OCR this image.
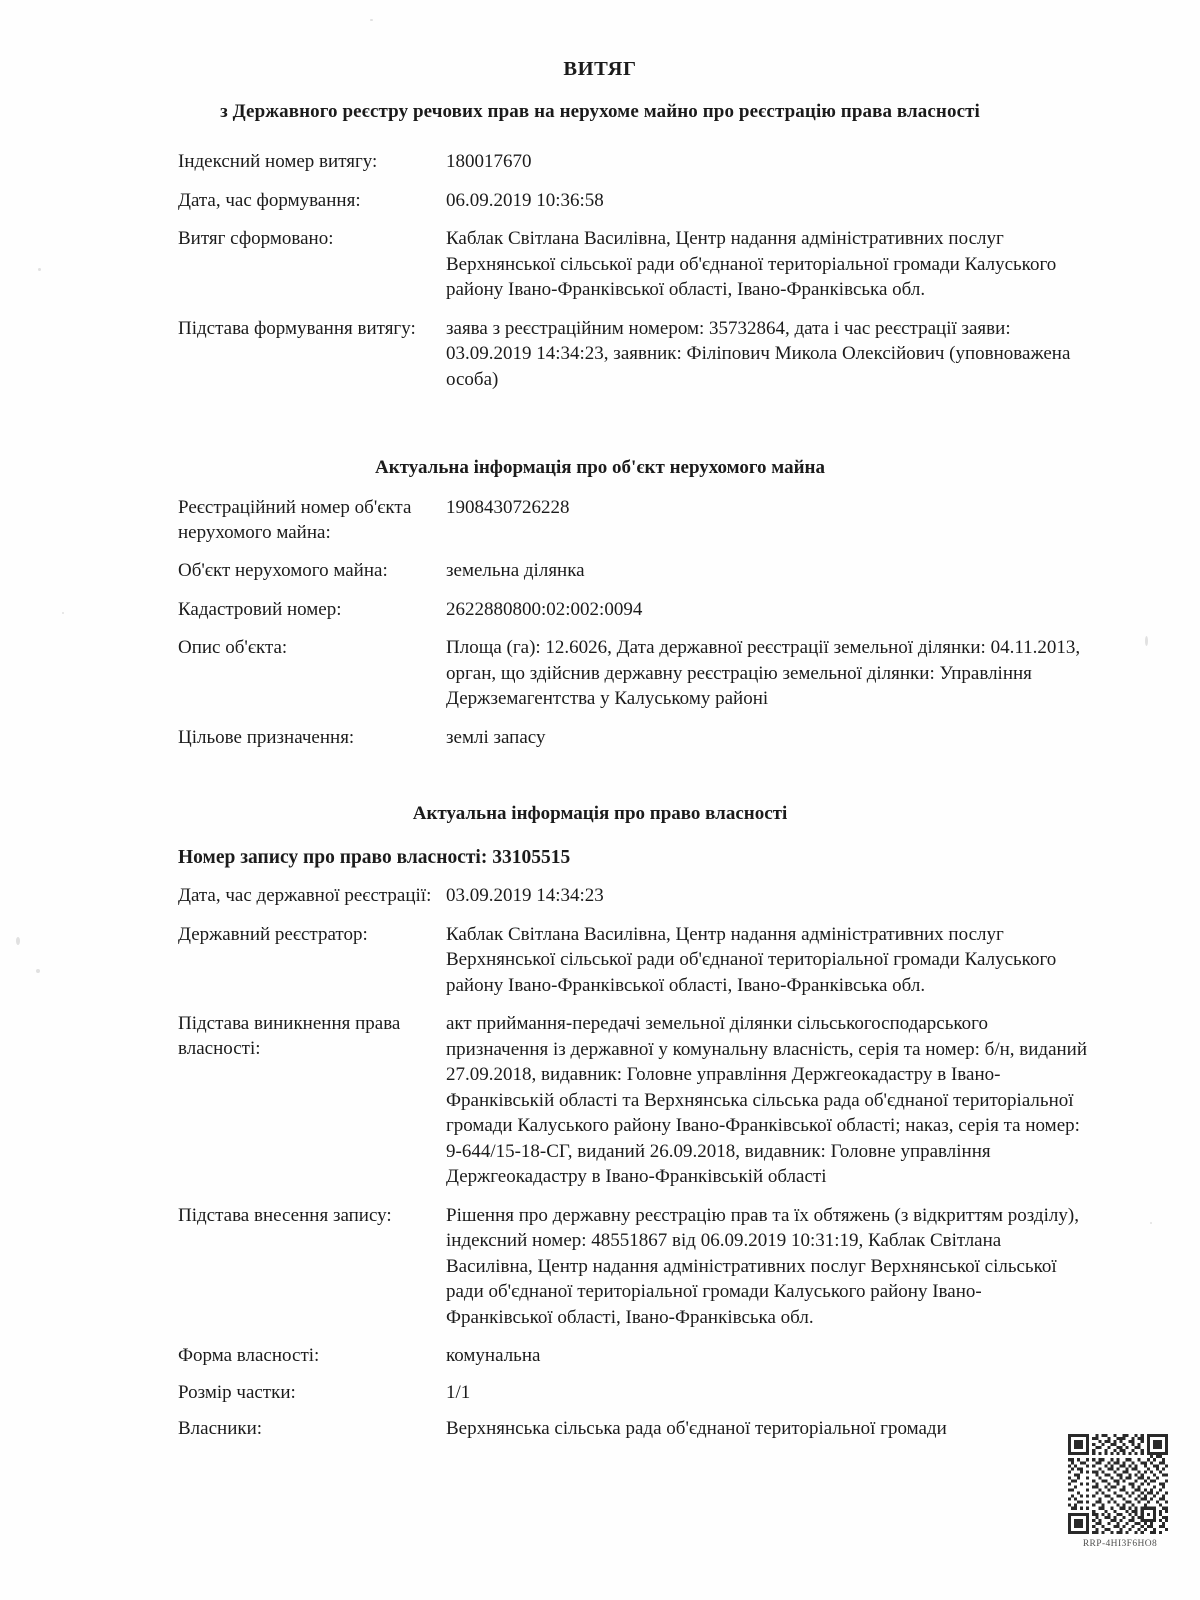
ВИТЯГ
з Державного реєстру речових прав на нерухоме майно про реєстрацію права власності
Індексний номер витягу:	180017670
Дата, час формування:	06.09.2019 10:36:58
Витяг сформовано:	Каблак Світлана Василівна, Центр надання адміністративних послуг Верхнянської сільської ради об'єднаної територіальної громади Калуського району Івано-Франківської області, Івано-Франківська обл.
Підстава формування витягу:	заява з реєстраційним номером: 35732864, дата і час реєстрації заяви: 03.09.2019 14:34:23, заявник: Філіпович Микола Олексійович (уповноважена особа)
Актуальна інформація про об'єкт нерухомого майна
Реєстраційний номер об'єкта нерухомого майна:
1908430726228
Об'єкт нерухомого майна:	земельна ділянка
Кадастровий номер:	2622880800:02:002:0094
Опис об'єкта:	Площа (га): 12.6026, Дата державної реєстрації земельної ділянки: 04.11.2013, орган, що здійснив державну реєстрацію земельної ділянки: Управління Держземагентства у Калуському районі
Цільове призначення:	землі запасу
Актуальна інформація про право власності

Номер запису про право власності: 33105515

Дата, час державної реєстрації: 03.09.2019 14:34:23
Державний реєстратор:	Каблак Світлана Василівна, Центр надання адміністративних послуг Верхнянської сільської ради об'єднаної територіальної громади Калуського району Івано-Франківської області, Івано-Франківська обл.
Підстава виникнення права власності:
акт приймання-передачі земельної ділянки сільськогосподарського призначення із державної у комунальну власність, серія та номер: б/н, виданий 27.09.2018, видавник: Головне управління Держгеокадастру в Івано-Франківській області та Верхнянська сільська рада об'єднаної територіальної громади Калуського району Івано-Франківської області; наказ, серія та номер: 9-644/15-18-СГ, виданий 26.09.2018, видавник: Головне управління Держгеокадастру в Івано-Франківській області
Підстава внесення запису:	Рішення про державну реєстрацію прав та їх обтяжень (з відкриттям розділу), індексний номер: 48551867 від 06.09.2019 10:31:19, Каблак Світлана Василівна, Центр надання адміністративних послуг Верхнянської сільської ради об'єднаної територіальної громади Калуського району Івано-Франківської області, Івано-Франківська обл.
Форма власності:	комунальна
Розмір частки:	1/1
Власники:	Верхнянська сільська рада об'єднаної територіальної громади
RRP-4HI3F6HO8
